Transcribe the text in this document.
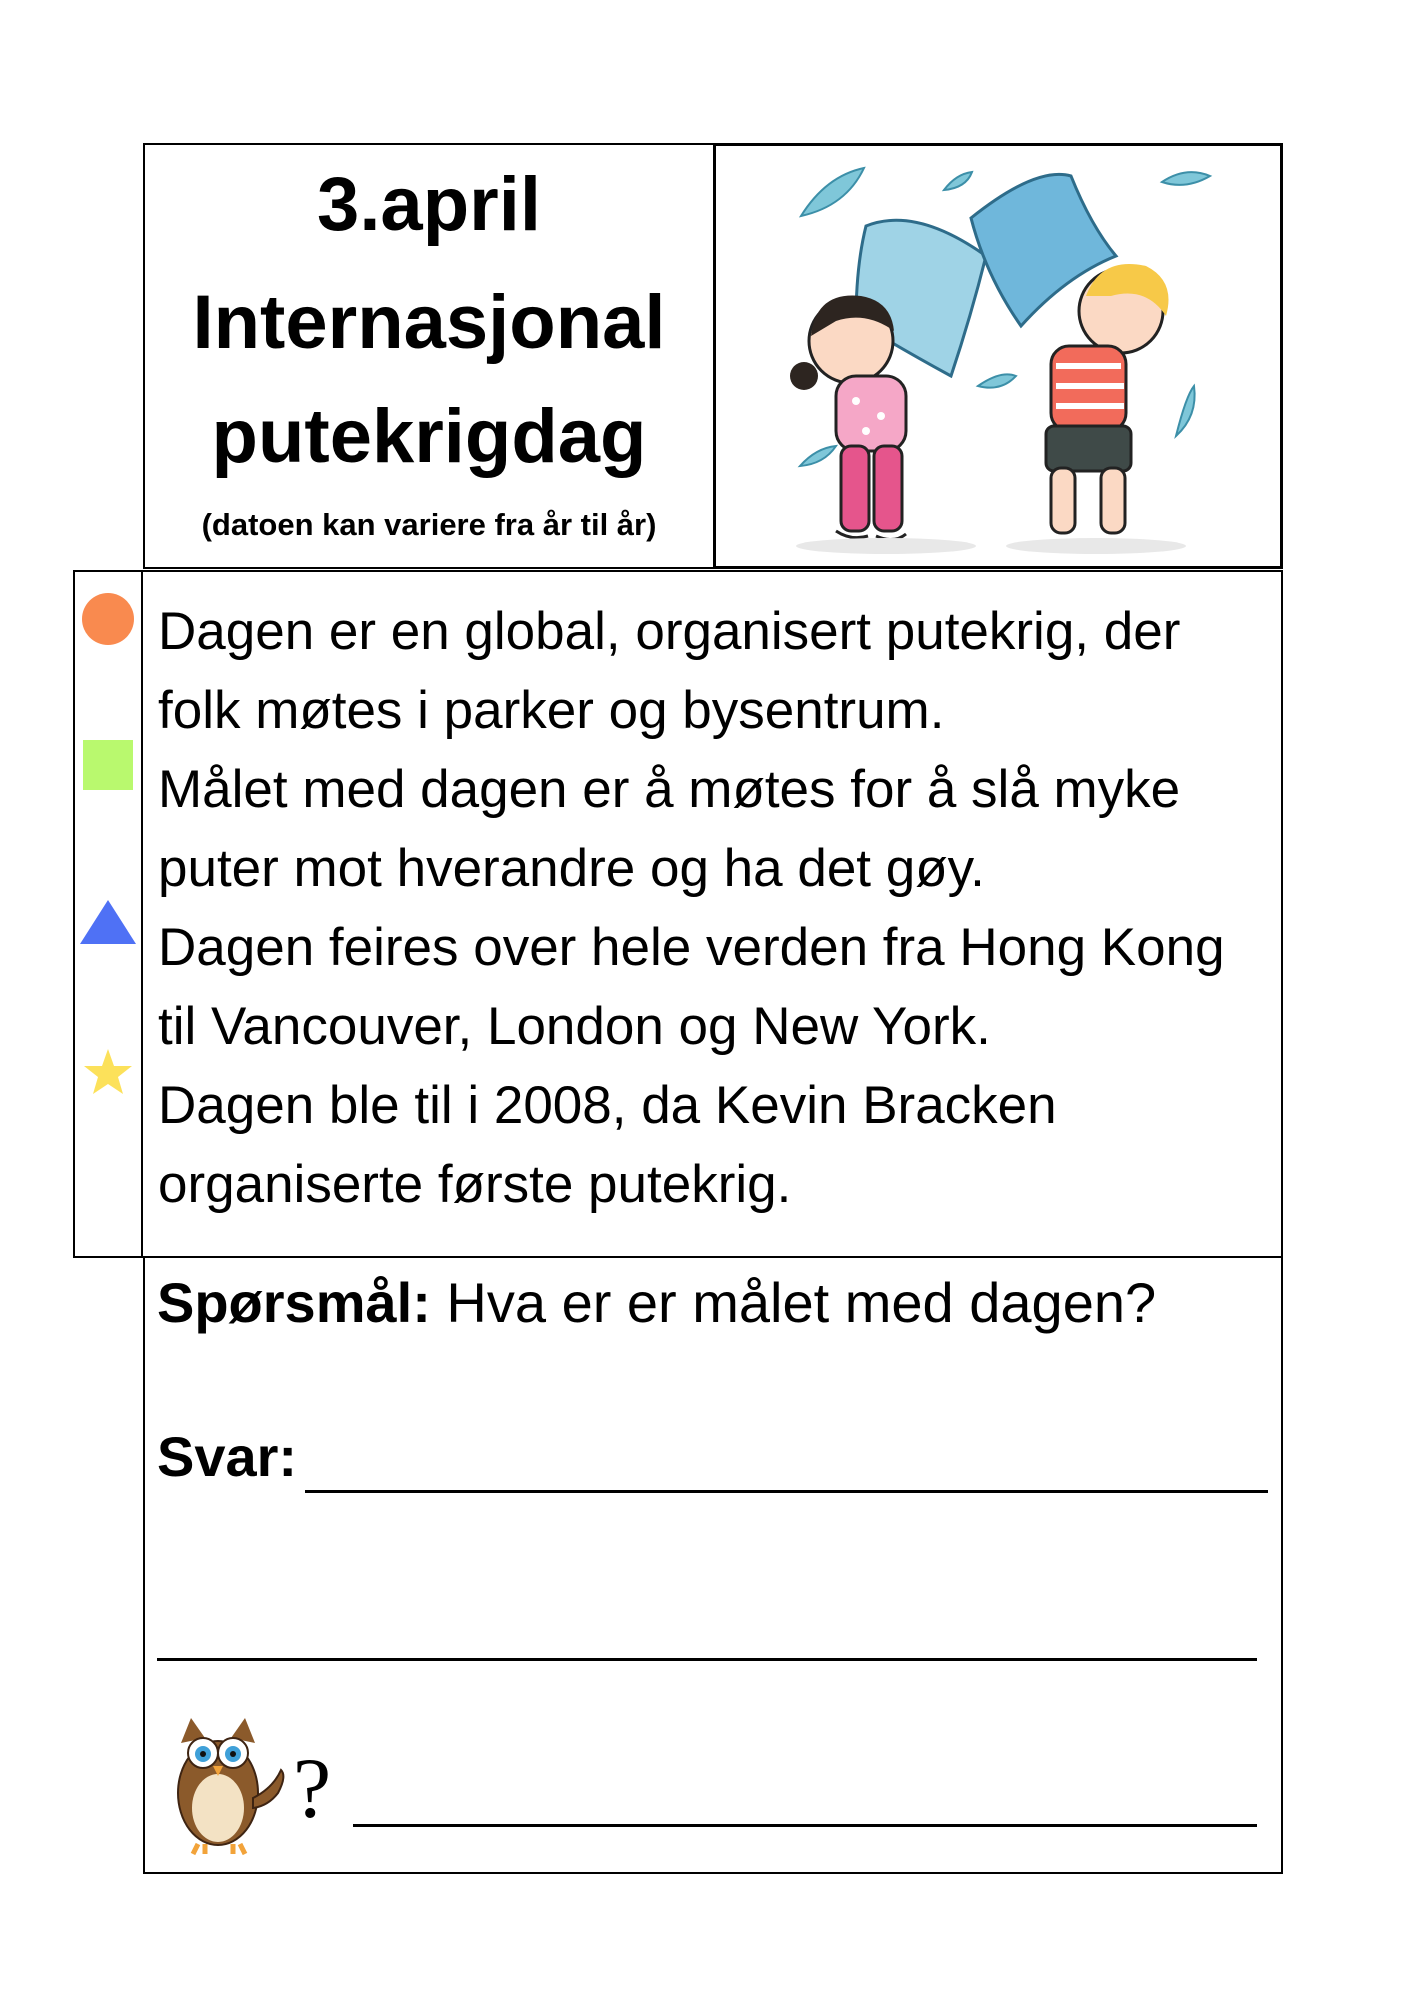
3.april
Internasjonal
putekrigdag
(datoen kan variere fra år til år)
Dagen er en global, organisert putekrig, der folk møtes i parker og bysentrum.
Målet med dagen er å møtes for å slå myke puter mot hverandre og ha det gøy.
Dagen feires over hele verden fra Hong Kong til Vancouver, London og New York.
Dagen ble til i 2008, da Kevin Bracken organiserte første putekrig.
Spørsmål: Hva er er målet med dagen?
Svar:
?
